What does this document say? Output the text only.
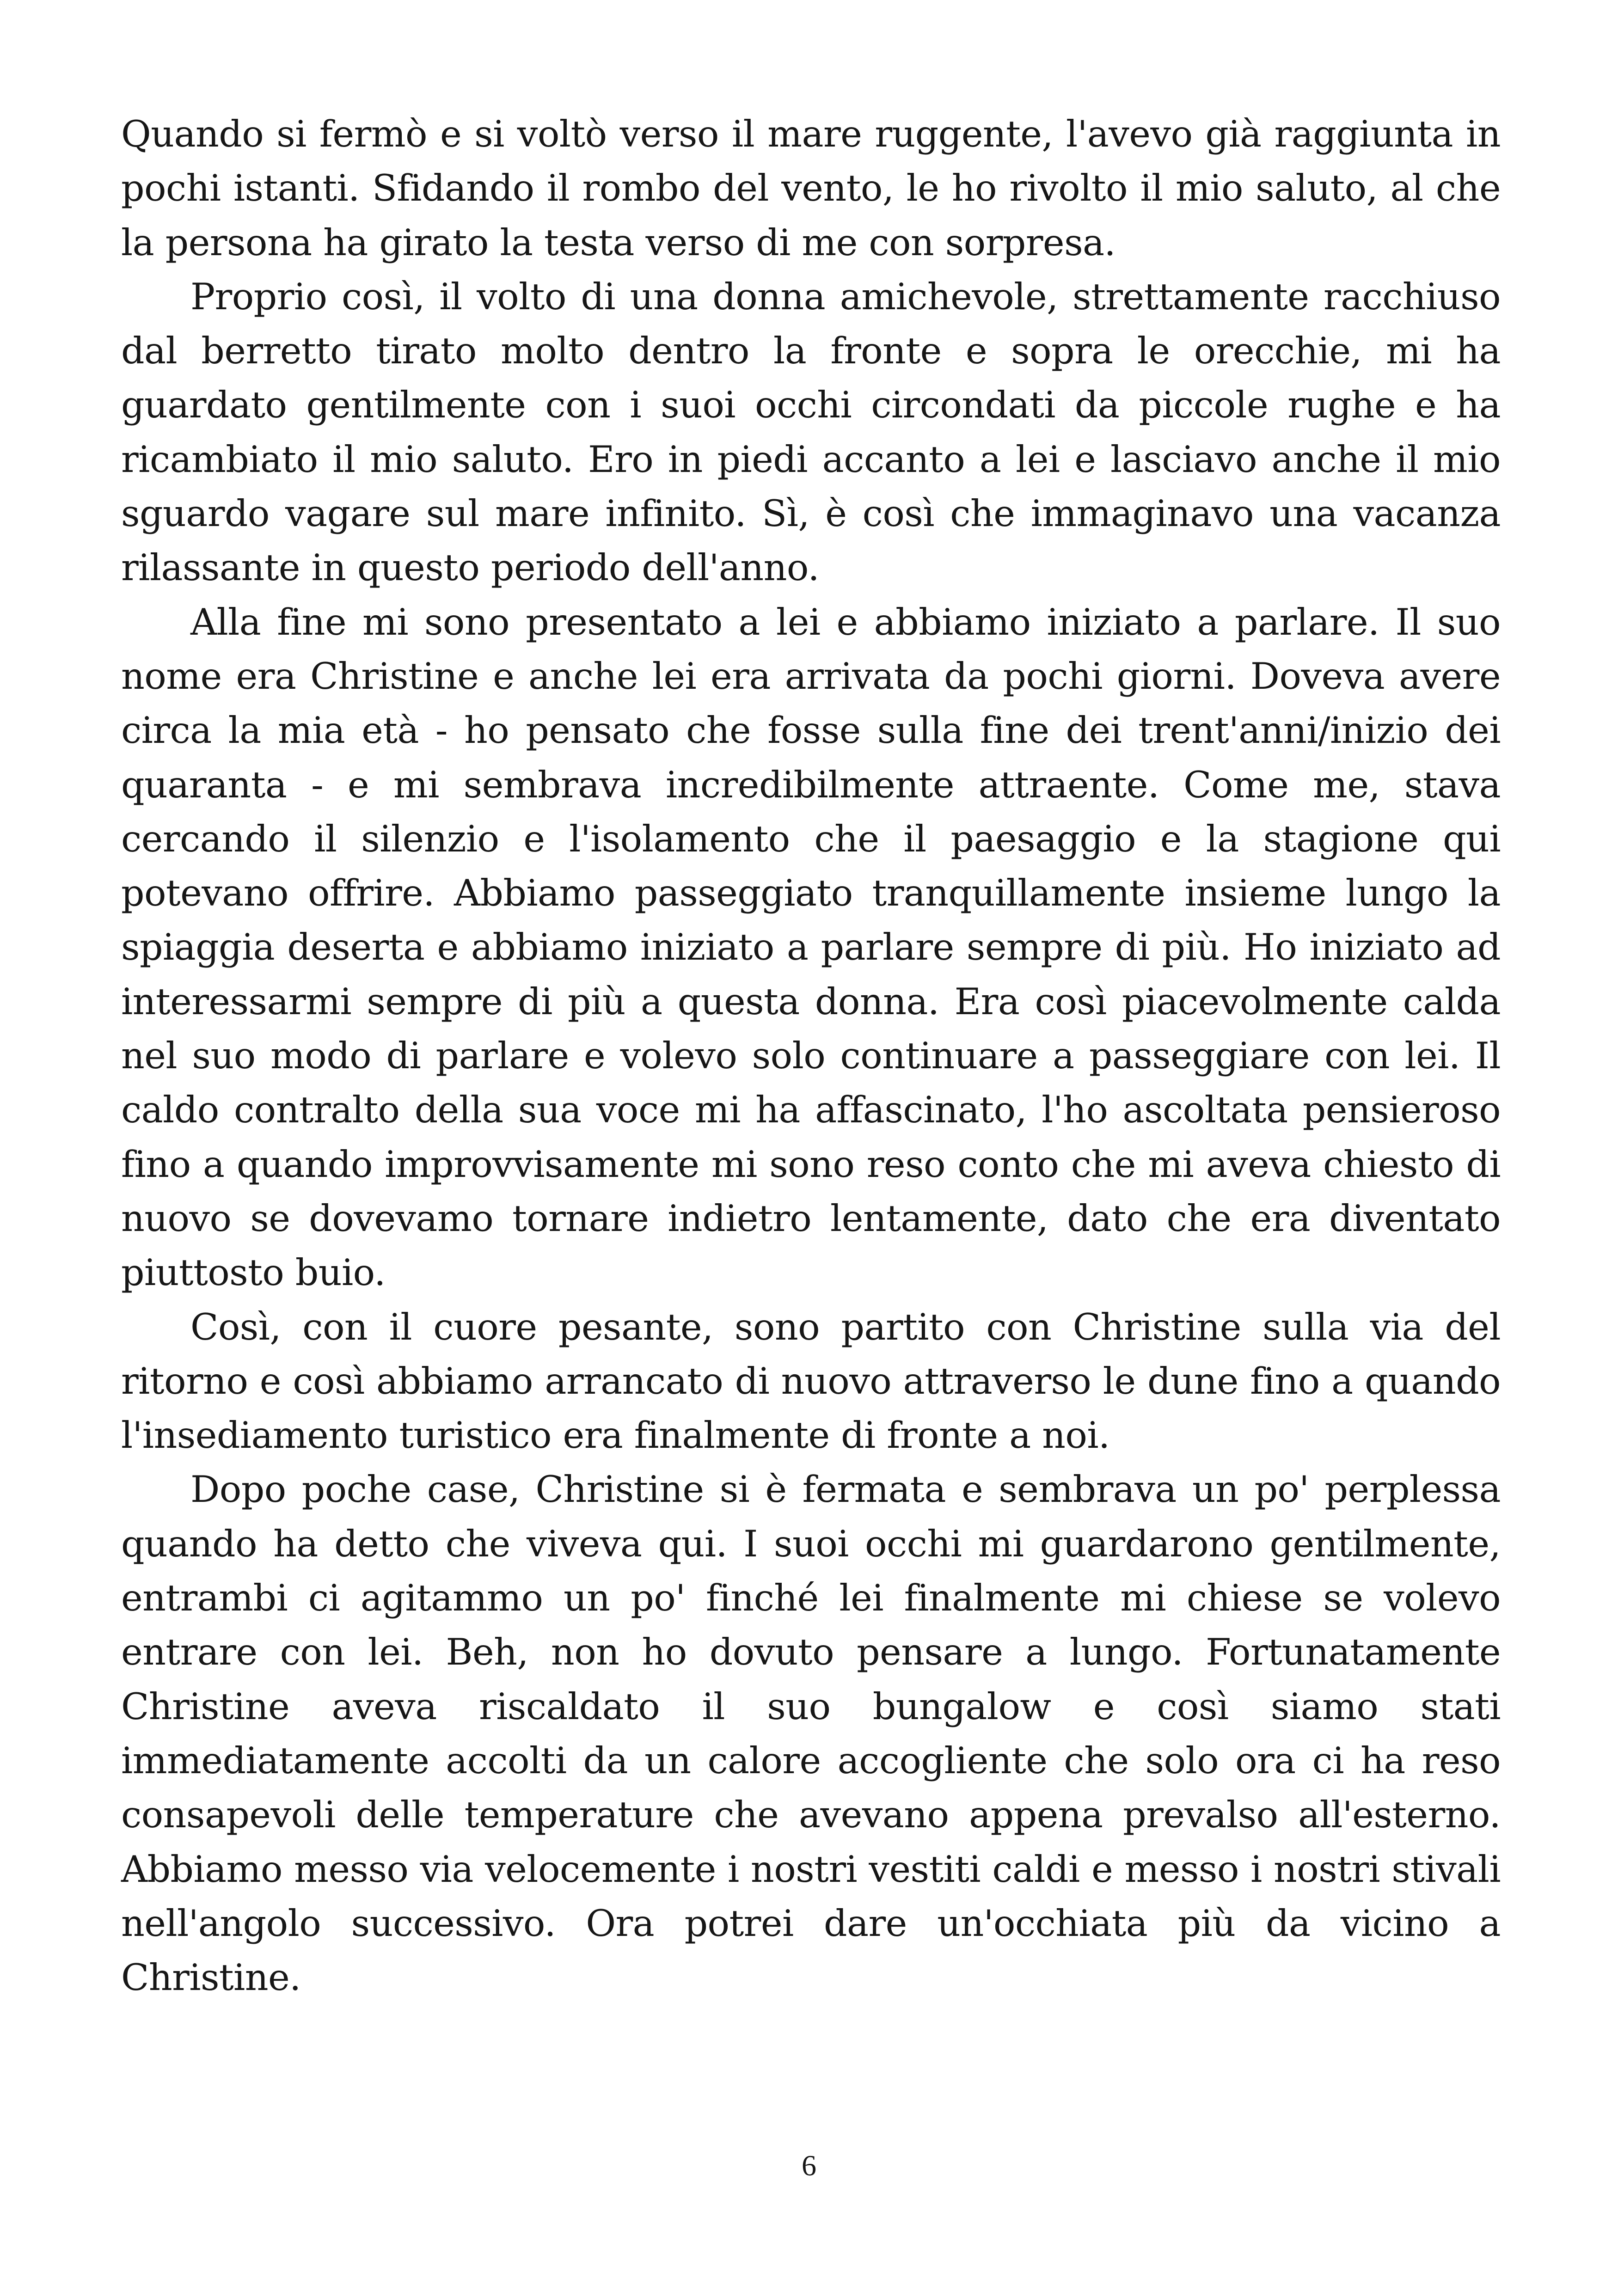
Quando si fermò e si voltò verso il mare ruggente, l'avevo già raggiunta in pochi istanti. Sfidando il rombo del vento, le ho rivolto il mio saluto, al che la persona ha girato la testa verso di me con sorpresa.

Proprio così, il volto di una donna amichevole, strettamente racchiuso dal berretto tirato molto dentro la fronte e sopra le orecchie, mi ha guardato gentilmente con i suoi occhi circondati da piccole rughe e ha ricambiato il mio saluto. Ero in piedi accanto a lei e lasciavo anche il mio sguardo vagare sul mare infinito. Sì, è così che immaginavo una vacanza rilassante in questo periodo dell'anno.

Alla fine mi sono presentato a lei e abbiamo iniziato a parlare. Il suo nome era Christine e anche lei era arrivata da pochi giorni. Doveva avere circa la mia età - ho pensato che fosse sulla fine dei trent'anni/inizio dei quaranta - e mi sembrava incredibilmente attraente. Come me, stava cercando il silenzio e l'isolamento che il paesaggio e la stagione qui potevano offrire. Abbiamo passeggiato tranquillamente insieme lungo la spiaggia deserta e abbiamo iniziato a parlare sempre di più. Ho iniziato ad interessarmi sempre di più a questa donna. Era così piacevolmente calda nel suo modo di parlare e volevo solo continuare a passeggiare con lei. Il caldo contralto della sua voce mi ha affascinato, l'ho ascoltata pensieroso fino a quando improvvisamente mi sono reso conto che mi aveva chiesto di nuovo se dovevamo tornare indietro lentamente, dato che era diventato piuttosto buio.

Così, con il cuore pesante, sono partito con Christine sulla via del ritorno e così abbiamo arrancato di nuovo attraverso le dune fino a quando l'insediamento turistico era finalmente di fronte a noi.

Dopo poche case, Christine si è fermata e sembrava un po' perplessa quando ha detto che viveva qui. I suoi occhi mi guardarono gentilmente, entrambi ci agitammo un po' finché lei finalmente mi chiese se volevo entrare con lei. Beh, non ho dovuto pensare a lungo. Fortunatamente Christine aveva riscaldato il suo bungalow e così siamo stati immediatamente accolti da un calore accogliente che solo ora ci ha reso consapevoli delle temperature che avevano appena prevalso all'esterno. Abbiamo messo via velocemente i nostri vestiti caldi e messo i nostri stivali nell'angolo successivo. Ora potrei dare un'occhiata più da vicino a Christine.

6
